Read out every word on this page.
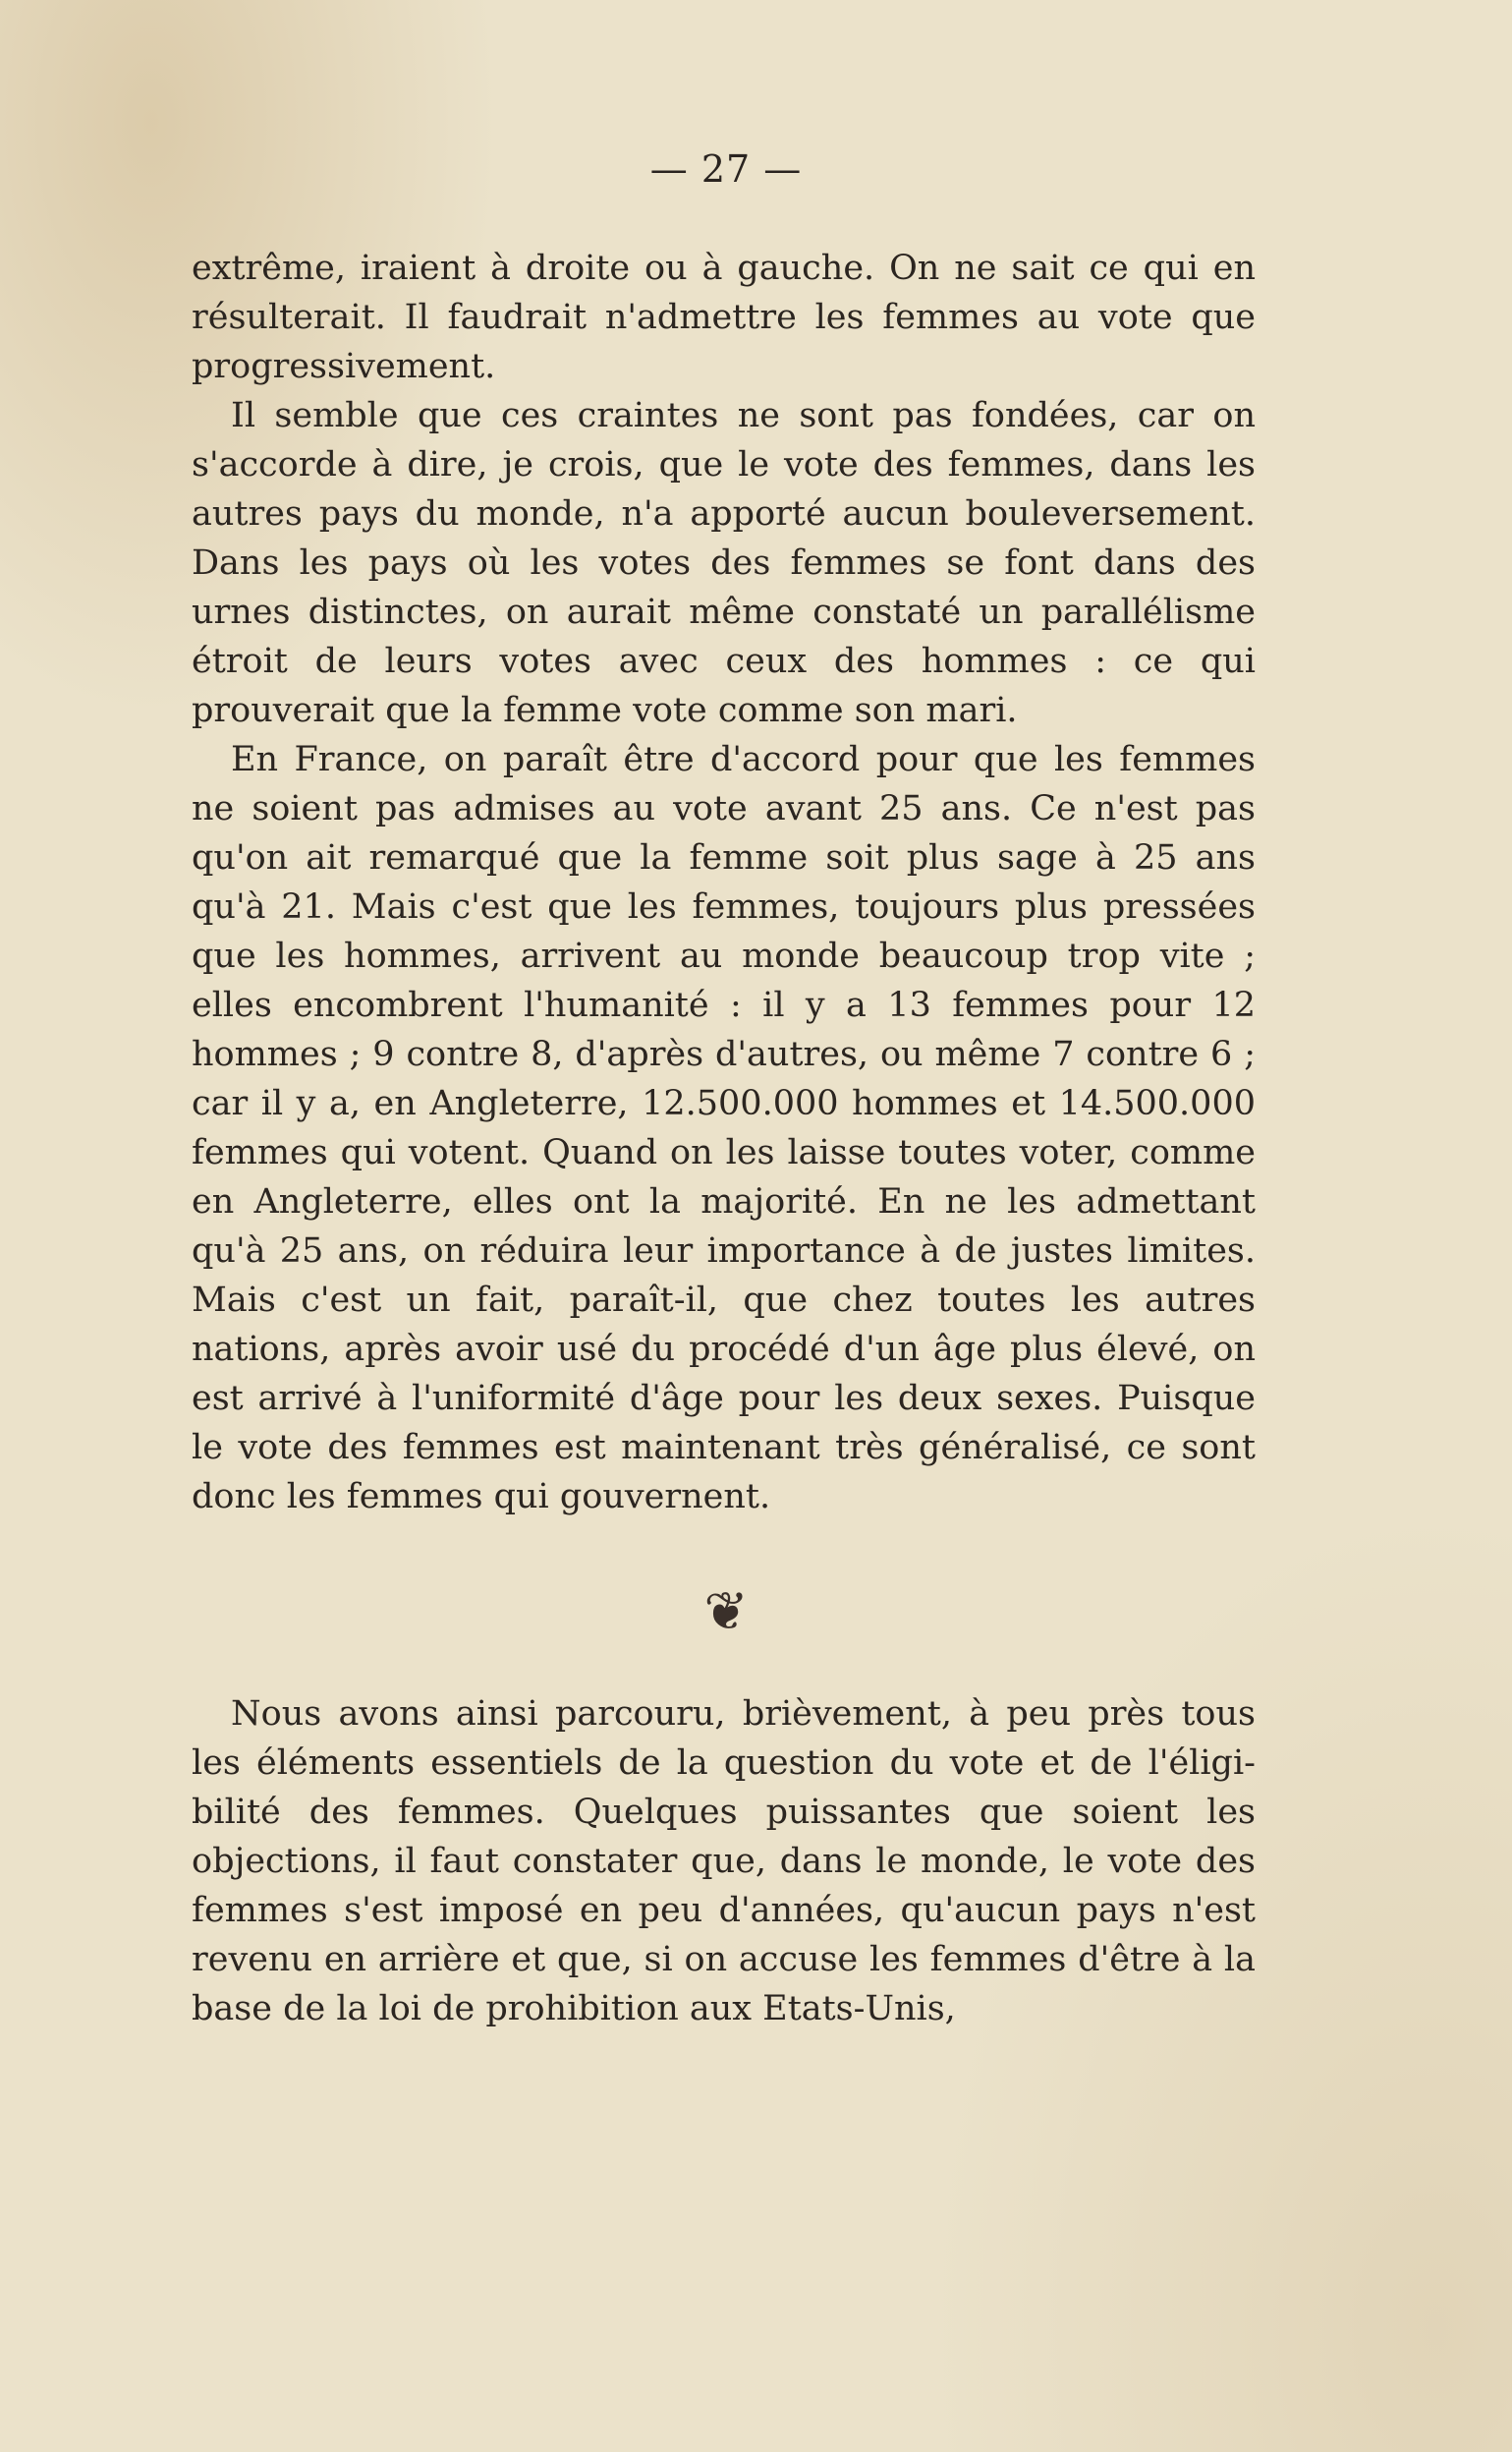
— 27 —

extrême, iraient à droite ou à gauche. On ne sait ce qui en résulterait. Il faudrait n'admettre les femmes au vote que progressivement.

Il semble que ces craintes ne sont pas fondées, car on s'accorde à dire, je crois, que le vote des femmes, dans les autres pays du monde, n'a apporté aucun bouleversement. Dans les pays où les votes des femmes se font dans des urnes distinctes, on aurait même constaté un parallélisme étroit de leurs votes avec ceux des hommes : ce qui prouverait que la femme vote comme son mari.

En France, on paraît être d'accord pour que les femmes ne soient pas admises au vote avant 25 ans. Ce n'est pas qu'on ait remarqué que la femme soit plus sage à 25 ans qu'à 21. Mais c'est que les femmes, toujours plus pressées que les hommes, arrivent au monde beaucoup trop vite ; elles encombrent l'humanité : il y a 13 femmes pour 12 hommes ; 9 contre 8, d'après d'autres, ou même 7 contre 6 ; car il y a, en Angleterre, 12.500.000 hommes et 14.500.000 femmes qui votent. Quand on les laisse toutes voter, comme en Angleterre, elles ont la majorité. En ne les admettant qu'à 25 ans, on réduira leur importance à de justes limites. Mais c'est un fait, paraît-il, que chez toutes les autres nations, après avoir usé du procédé d'un âge plus élevé, on est arrivé à l'uniformité d'âge pour les deux sexes. Puisque le vote des femmes est maintenant très généralisé, ce sont donc les femmes qui gouvernent.

❦

Nous avons ainsi parcouru, brièvement, à peu près tous les éléments essentiels de la question du vote et de l'éligibilité des femmes. Quelques puissantes que soient les objections, il faut constater que, dans le monde, le vote des femmes s'est imposé en peu d'années, qu'aucun pays n'est revenu en arrière et que, si on accuse les femmes d'être à la base de la loi de prohibition aux Etats-Unis,
